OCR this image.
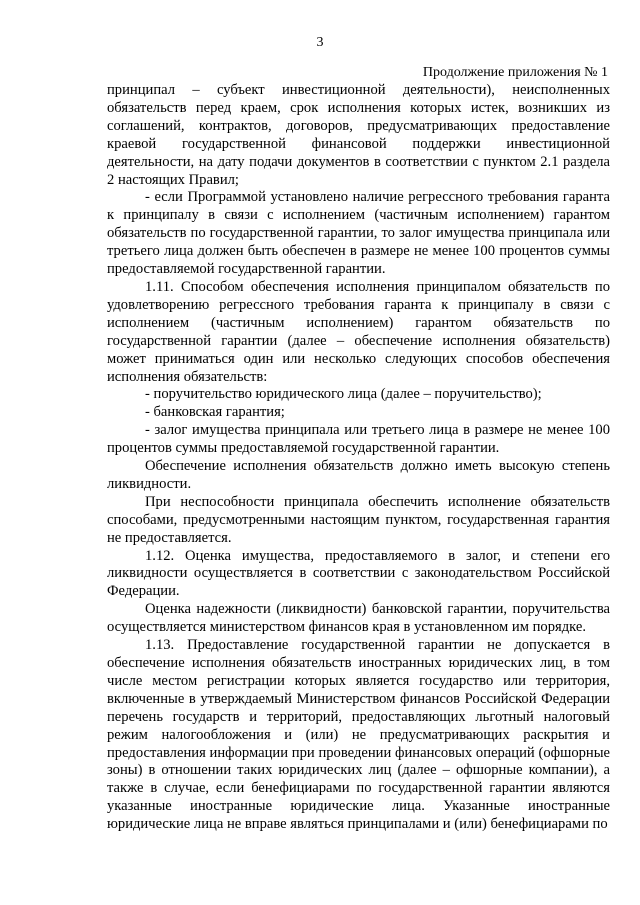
3
Продолжение приложения № 1

принципал – субъект инвестиционной деятельности), неисполненных обязательств перед краем, срок исполнения которых истек, возникших из соглашений, контрактов, договоров, предусматривающих предоставление краевой государственной финансовой поддержки инвестиционной деятельности, на дату подачи документов в соответствии с пунктом 2.1 раздела 2 настоящих Правил;

- если Программой установлено наличие регрессного требования гаранта к принципалу в связи с исполнением (частичным исполнением) гарантом обязательств по государственной гарантии, то залог имущества принципала или третьего лица должен быть обеспечен в размере не менее 100 процентов суммы предоставляемой государственной гарантии.

1.11. Способом обеспечения исполнения принципалом обязательств по удовлетворению регрессного требования гаранта к принципалу в связи с исполнением (частичным исполнением) гарантом обязательств по государственной гарантии (далее – обеспечение исполнения обязательств) может приниматься один или несколько следующих способов обеспечения исполнения обязательств:

- поручительство юридического лица (далее – поручительство);

- банковская гарантия;

- залог имущества принципала или третьего лица в размере не менее 100 процентов суммы предоставляемой государственной гарантии.

Обеспечение исполнения обязательств должно иметь высокую степень ликвидности.

При неспособности принципала обеспечить исполнение обязательств способами, предусмотренными настоящим пунктом, государственная гарантия не предоставляется.

1.12. Оценка имущества, предоставляемого в залог, и степени его ликвидности осуществляется в соответствии с законодательством Российской Федерации.

Оценка надежности (ликвидности) банковской гарантии, поручительства осуществляется министерством финансов края в установленном им порядке.

1.13. Предоставление государственной гарантии не допускается в обеспечение исполнения обязательств иностранных юридических лиц, в том числе местом регистрации которых является государство или территория, включенные в утверждаемый Министерством финансов Российской Федерации перечень государств и территорий, предоставляющих льготный налоговый режим налогообложения и (или) не предусматривающих раскрытия и предоставления информации при проведении финансовых операций (офшорные зоны) в отношении таких юридических лиц (далее – офшорные компании), а также в случае, если бенефициарами по государственной гарантии являются указанные иностранные юридические лица. Указанные иностранные юридические лица не вправе являться принципалами и (или) бенефициарами по
